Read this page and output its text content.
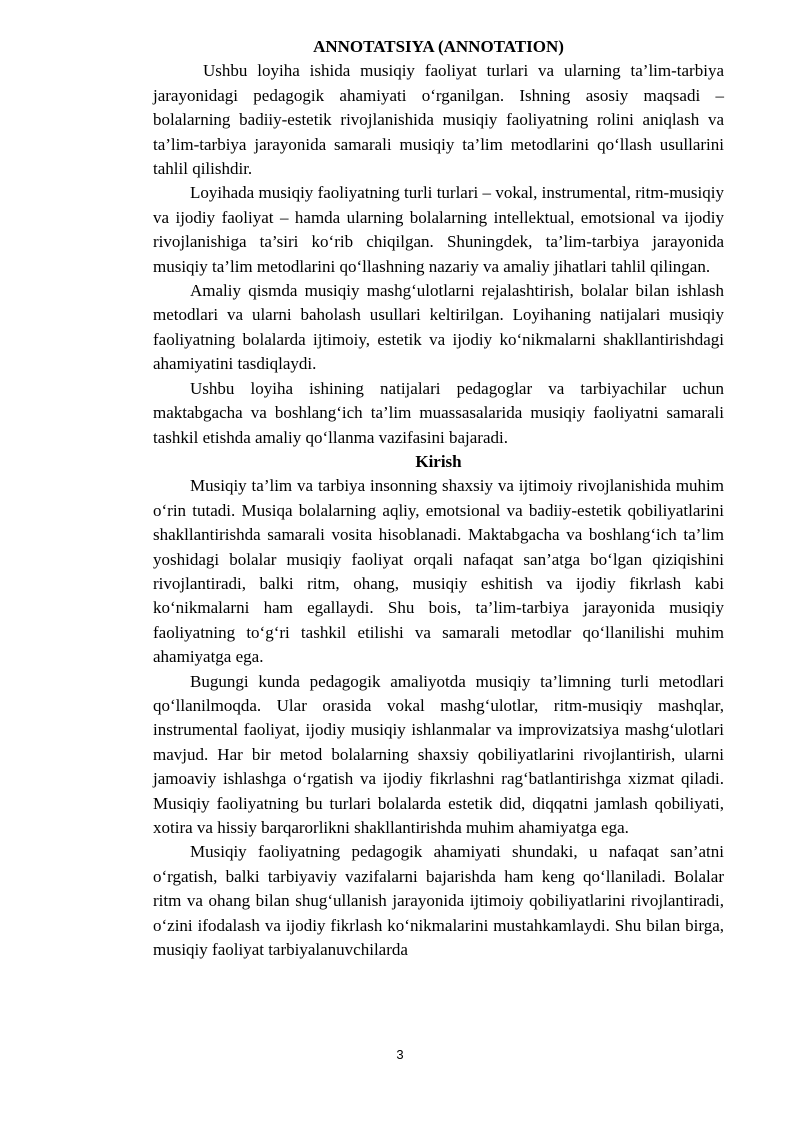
ANNOTATSIYA (ANNOTATION)

Ushbu loyiha ishida musiqiy faoliyat turlari va ularning ta’lim-tarbiya jarayonidagi pedagogik ahamiyati o‘rganilgan. Ishning asosiy maqsadi – bolalarning badiiy-estetik rivojlanishida musiqiy faoliyatning rolini aniqlash va ta’lim-tarbiya jarayonida samarali musiqiy ta’lim metodlarini qo‘llash usullarini tahlil qilishdir.

Loyihada musiqiy faoliyatning turli turlari – vokal, instrumental, ritm-musiqiy va ijodiy faoliyat – hamda ularning bolalarning intellektual, emotsional va ijodiy rivojlanishiga ta’siri ko‘rib chiqilgan. Shuningdek, ta’lim-tarbiya jarayonida musiqiy ta’lim metodlarini qo‘llashning nazariy va amaliy jihatlari tahlil qilingan.

Amaliy qismda musiqiy mashg‘ulotlarni rejalashtirish, bolalar bilan ishlash metodlari va ularni baholash usullari keltirilgan. Loyihaning natijalari musiqiy faoliyatning bolalarda ijtimoiy, estetik va ijodiy ko‘nikmalarni shakllantirishdagi ahamiyatini tasdiqlaydi.

Ushbu loyiha ishining natijalari pedagoglar va tarbiyachilar uchun maktabgacha va boshlang‘ich ta’lim muassasalarida musiqiy faoliyatni samarali tashkil etishda amaliy qo‘llanma vazifasini bajaradi.

Kirish

Musiqiy ta’lim va tarbiya insonning shaxsiy va ijtimoiy rivojlanishida muhim o‘rin tutadi. Musiqa bolalarning aqliy, emotsional va badiiy-estetik qobiliyatlarini shakllantirishda samarali vosita hisoblanadi. Maktabgacha va boshlang‘ich ta’lim yoshidagi bolalar musiqiy faoliyat orqali nafaqat san’atga bo‘lgan qiziqishini rivojlantiradi, balki ritm, ohang, musiqiy eshitish va ijodiy fikrlash kabi ko‘nikmalarni ham egallaydi. Shu bois, ta’lim-tarbiya jarayonida musiqiy faoliyatning to‘g‘ri tashkil etilishi va samarali metodlar qo‘llanilishi muhim ahamiyatga ega.

Bugungi kunda pedagogik amaliyotda musiqiy ta’limning turli metodlari qo‘llanilmoqda. Ular orasida vokal mashg‘ulotlar, ritm-musiqiy mashqlar, instrumental faoliyat, ijodiy musiqiy ishlanmalar va improvizatsiya mashg‘ulotlari mavjud. Har bir metod bolalarning shaxsiy qobiliyatlarini rivojlantirish, ularni jamoaviy ishlashga o‘rgatish va ijodiy fikrlashni rag‘batlantirishga xizmat qiladi. Musiqiy faoliyatning bu turlari bolalarda estetik did, diqqatni jamlash qobiliyati, xotira va hissiy barqarorlikni shakllantirishda muhim ahamiyatga ega.

Musiqiy faoliyatning pedagogik ahamiyati shundaki, u nafaqat san’atni o‘rgatish, balki tarbiyaviy vazifalarni bajarishda ham keng qo‘llaniladi. Bolalar ritm va ohang bilan shug‘ullanish jarayonida ijtimoiy qobiliyatlarini rivojlantiradi, o‘zini ifodalash va ijodiy fikrlash ko‘nikmalarini mustahkamlaydi. Shu bilan birga, musiqiy faoliyat tarbiyalanuvchilarda

3
